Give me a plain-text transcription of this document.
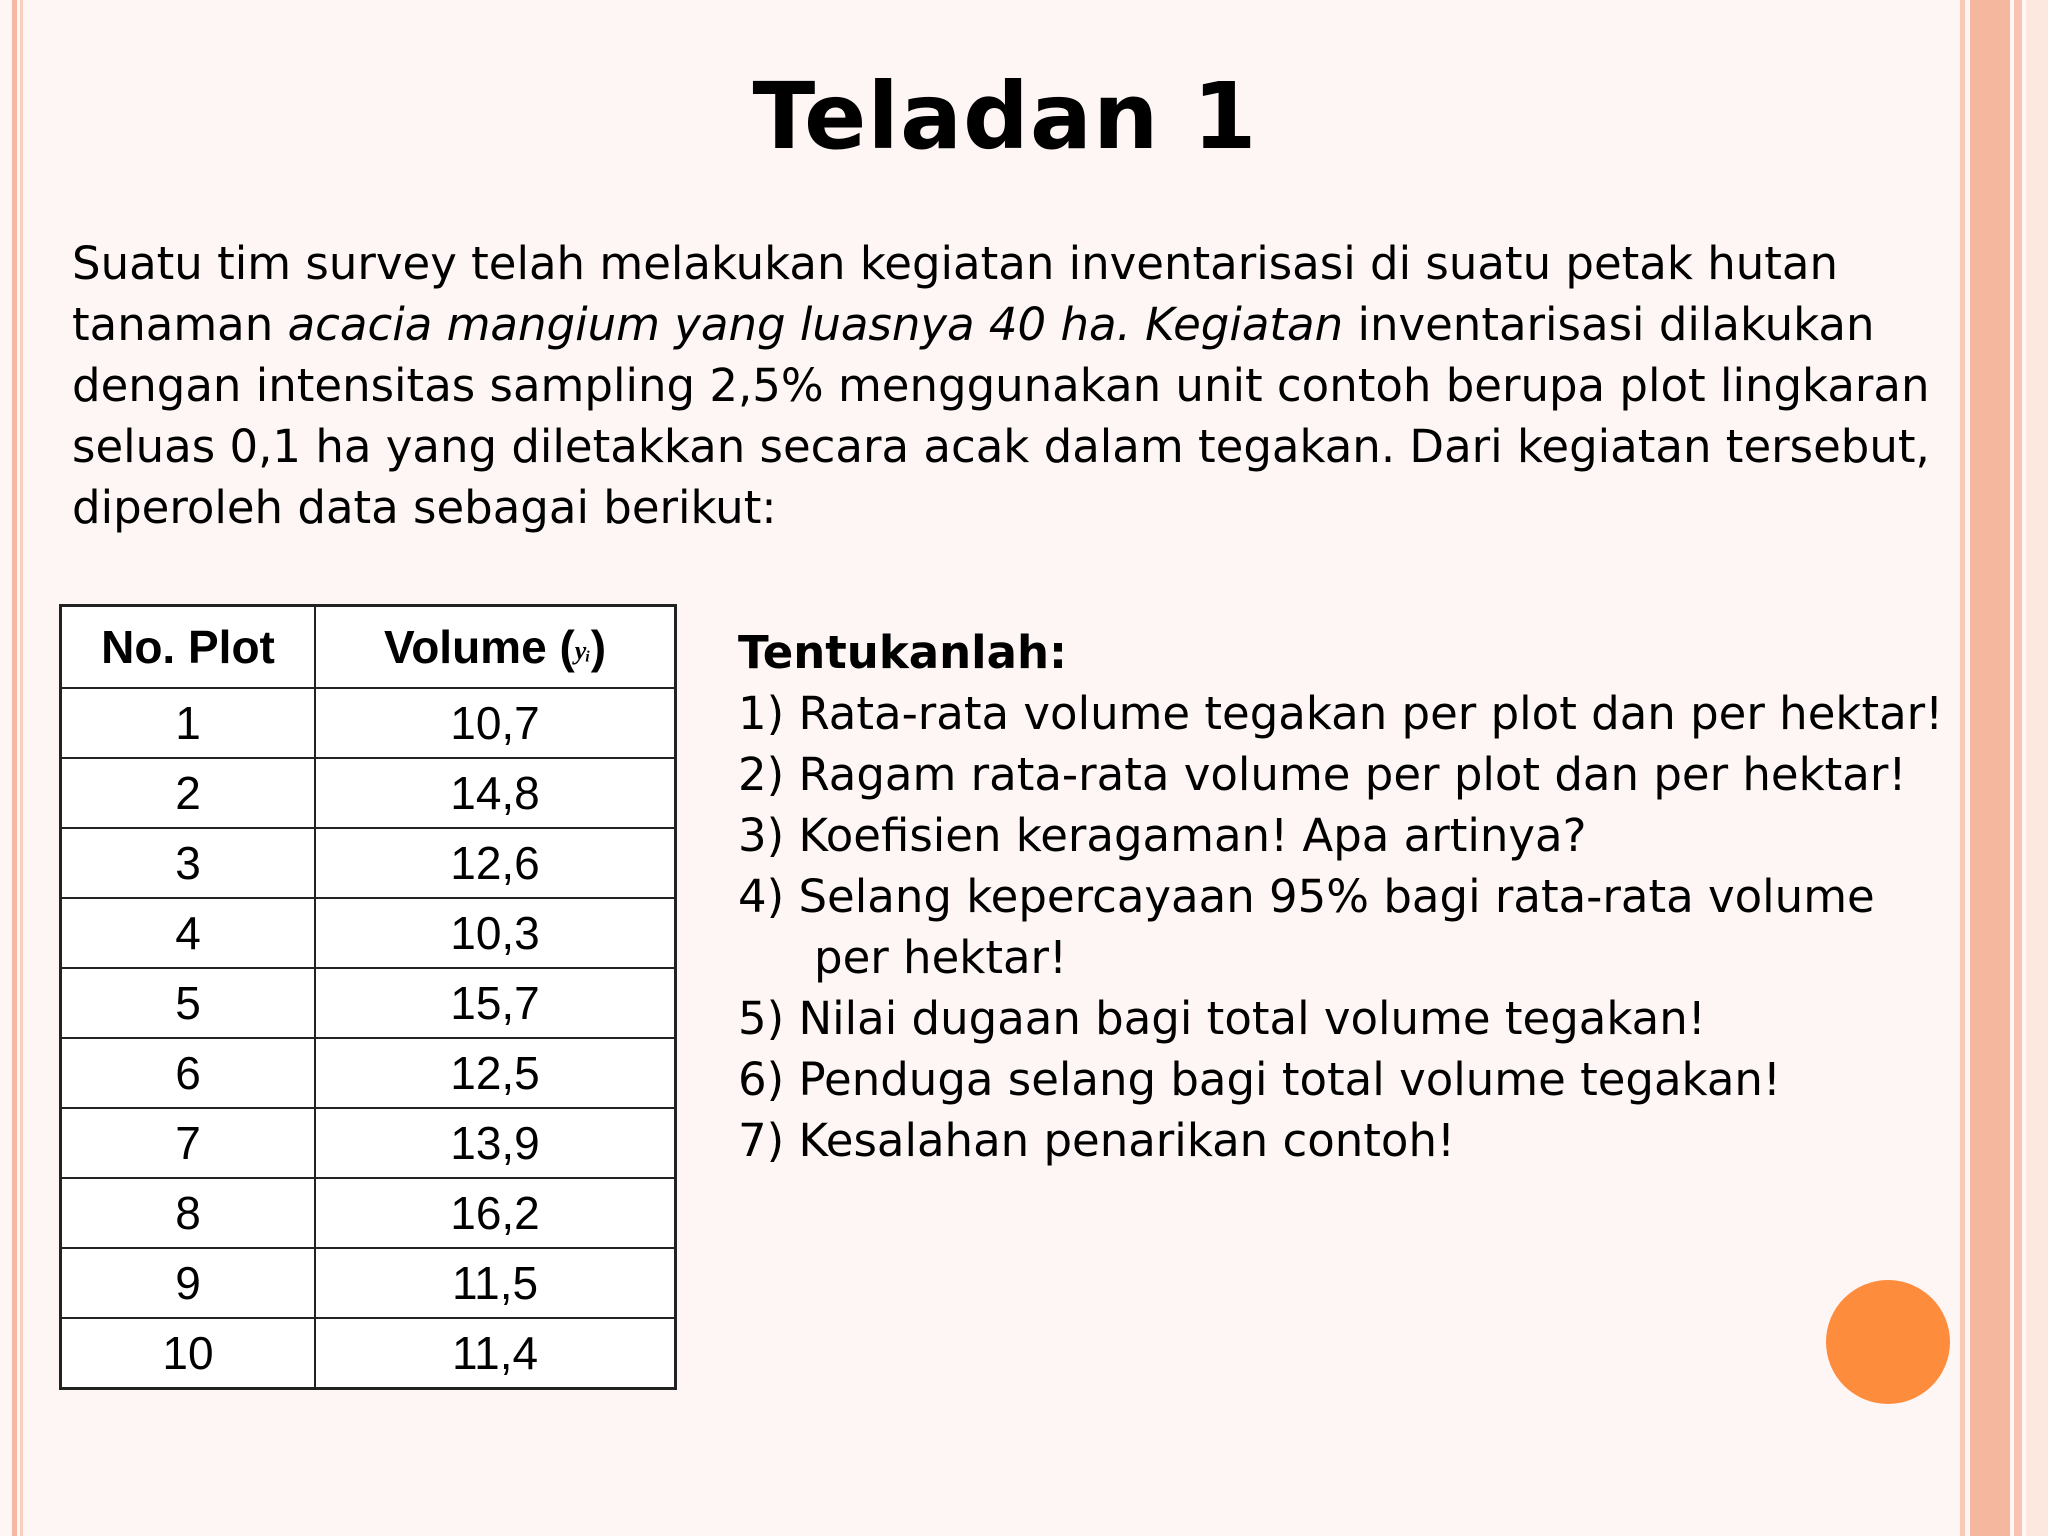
Teladan 1
Suatu tim survey telah melakukan kegiatan inventarisasi di suatu petak hutan
tanaman acacia mangium yang luasnya 40 ha. Kegiatan inventarisasi dilakukan
dengan intensitas sampling 2,5% menggunakan unit contoh berupa plot lingkaran
seluas 0,1 ha yang diletakkan secara acak dalam tegakan. Dari kegiatan tersebut,
diperoleh data sebagai berikut:
No. Plot	Volume (yᵢ)
1	10,7
2	14,8
3	12,6
4	10,3
5	15,7
6	12,5
7	13,9
8	16,2
9	11,5
10	11,4
Tentukanlah:
1) Rata-rata volume tegakan per plot dan per hektar!
2) Ragam rata-rata volume per plot dan per hektar!
3) Koefisien keragaman! Apa artinya?
4) Selang kepercayaan 95% bagi rata-rata volume
per hektar!
5) Nilai dugaan bagi total volume tegakan!
6) Penduga selang bagi total volume tegakan!
7) Kesalahan penarikan contoh!
